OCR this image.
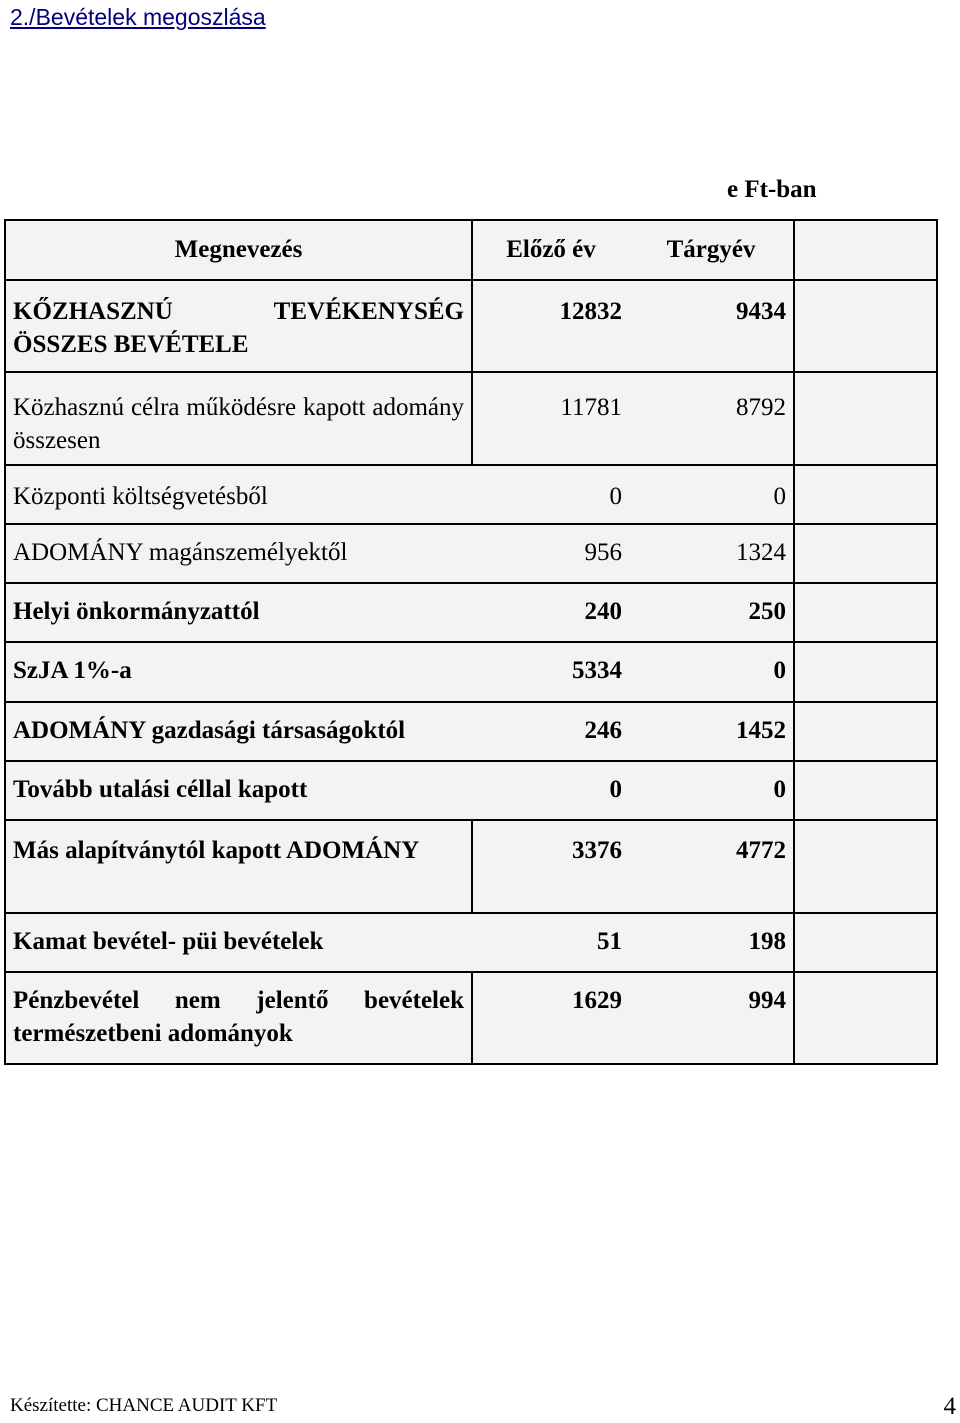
2./Bevételek megoszlása
e Ft-ban
Megnevezés	Előző év	Tárgyév	
KŐZHASZNÚ TEVÉKENYSÉG ÖSSZES BEVÉTELE	12832	9434	
Közhasznú célra működésre kapott adomány összesen	11781	8792	
Központi költségvetésből	0	0	
ADOMÁNY magánszemélyektől	956	1324	
Helyi önkormányzattól	240	250	
SzJA 1%-a	5334	0	
ADOMÁNY gazdasági társaságoktól	246	1452	
Tovább utalási céllal kapott	0	0	
Más alapítványtól kapott ADOMÁNY	3376	4772	
Kamat bevétel- püi bevételek	51	198	
Pénzbevétel nem jelentő bevételek természetbeni adományok	1629	994	
Készítette: CHANCE AUDIT KFT	4
